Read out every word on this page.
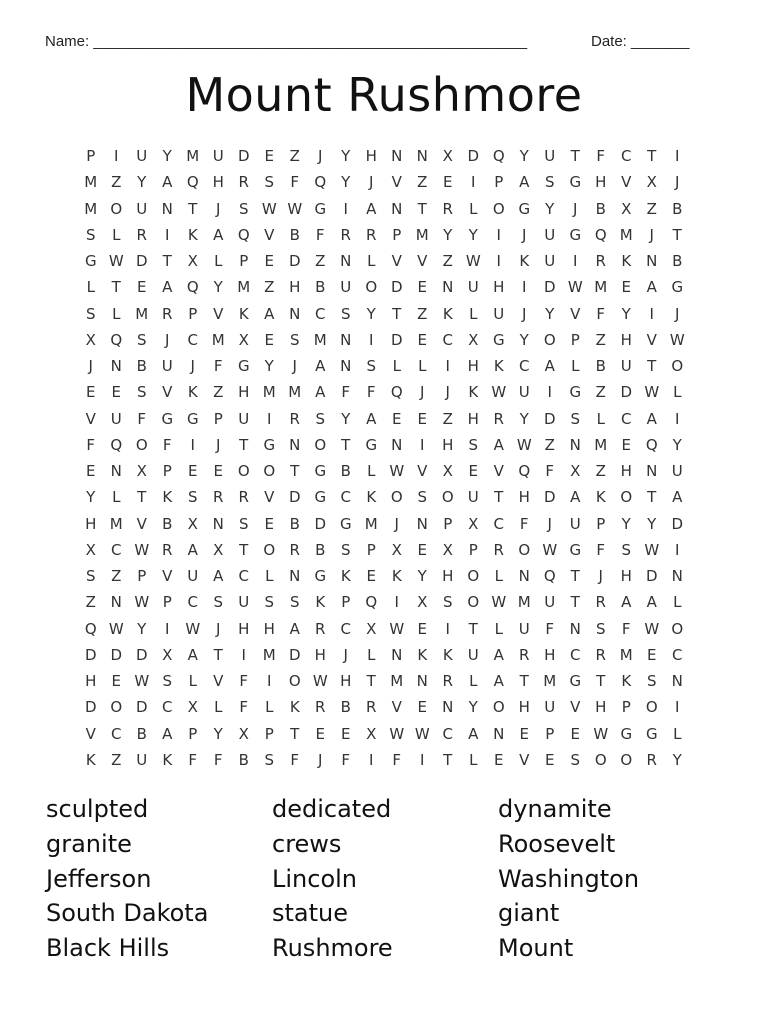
Name: ____________________________________________________	Date: _______
Mount Rushmore
P	I	U	Y M U D E	Z	J	Y	H N N X D Q	Y	U	T	F	C	T	I
M Z	Y	A Q H R	S	F	Q	Y	J	V	Z	E	I	P	A	S G H V	X	J
M O U N	T	J	S W W G	I	A N	T	R	L	O G	Y	J	B	X	Z	B
S	L	R	I	K	A Q V	B	F	R	R	P M Y	Y	I	J	U G Q M	J	T
G W D	T	X	L	P	E D Z N	L	V	V	Z W	I	K	U	I	R	K N B
L	T	E	A Q	Y M Z H B U O D E	N U H	I	D W M E	A G
S	L M R	P	V	K	A N C	S	Y	T	Z	K	L	U	J	Y	V	F	Y	I	J
X Q S	J	C M X	E	S M N	I	D E	C	X G	Y	O	P	Z H V W
J	N B U	J	F	G	Y	J	A N	S	L	L	I	H K	C	A	L	B U	T	O
E	E	S	V	K	Z H M M A	F	F	Q	J	J	K W U	I	G Z D W L
V U	F	G G	P	U	I	R	S	Y	A	E	E	Z H R	Y	D S	L	C	A	I
F	Q O	F	I	J	T	G N O	T	G N	I	H	S	A W Z N M E Q	Y
E	N X	P	E	E O O	T	G B	L W V	X	E	V Q	F	X	Z H N U
Y	L	T	K	S	R	R	V D G C	K O S O U	T	H D A	K O	T	A
H M V	B	X N	S	E	B D G M	J	N	P	X	C	F	J	U	P	Y	Y	D
X	C W R	A	X	T	O R	B	S	P	X	E	X	P	R O W G	F	S W	I
S	Z	P	V U A	C	L	N G K	E	K	Y	H O	L	N Q	T	J	H D N
Z N W P	C	S	U	S	S	K	P	Q	I	X	S O W M U	T	R	A	A	L
Q W Y	I	W	J	H H A	R	C	X W E	I	T	L	U	F	N	S	F W O
D D D X	A	T	I	M D H	J	L	N K	K	U A	R H C	R M E	C
H	E W S	L	V	F	I	O W H	T M N R	L	A	T M G	T	K	S	N
D O D C	X	L	F	L	K	R	B	R	V	E	N	Y	O H U V H	P	O	I
V	C	B	A	P	Y	X	P	T	E	E	X W W C	A N	E	P	E W G G	L
K	Z U	K	F	F	B	S	F	J	F	I	F	I	T	L	E	V	E	S O O R	Y
sculpted
granite
Jefferson
South Dakota
Black Hills
dedicated
crews
Lincoln
statue
Rushmore
dynamite
Roosevelt
Washington
giant
Mount
